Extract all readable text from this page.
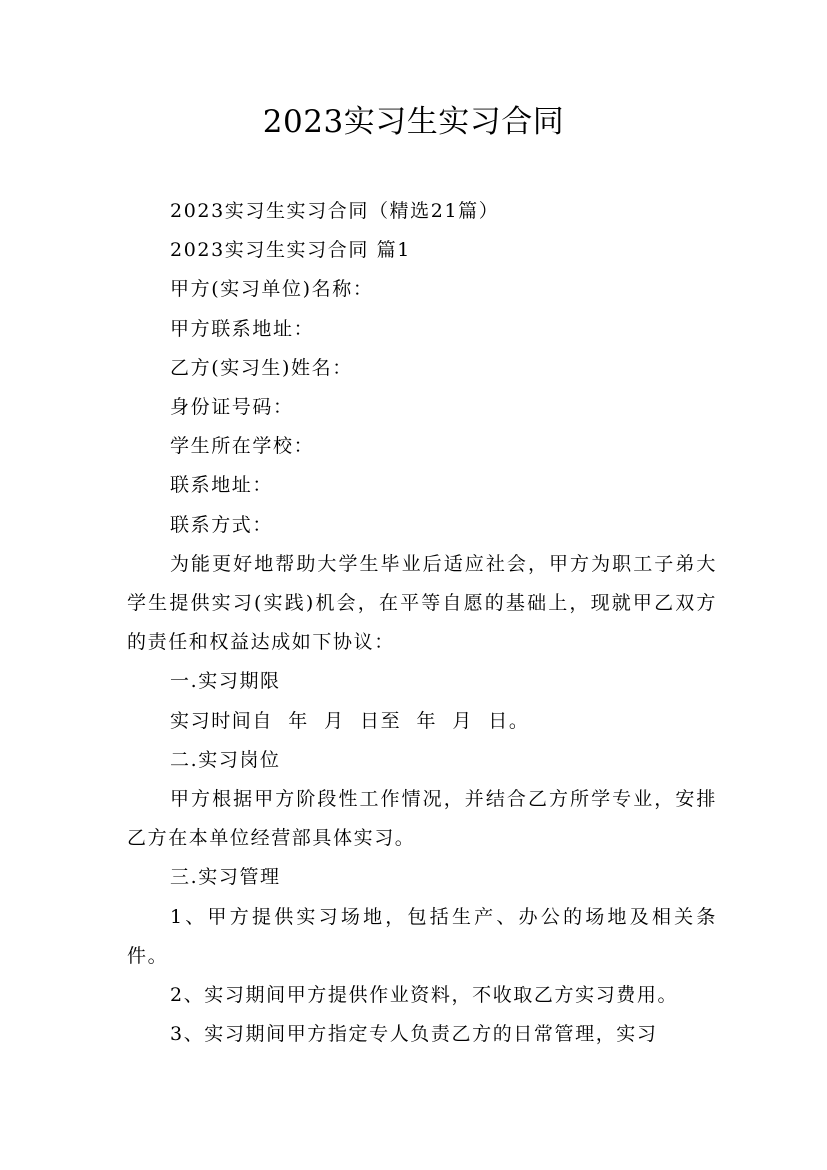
2023实习生实习合同

2023实习生实习合同（精选21篇）

2023实习生实习合同 篇1

甲方(实习单位)名称：

甲方联系地址：

乙方(实习生)姓名：

身份证号码：

学生所在学校：

联系地址：

联系方式：

为能更好地帮助大学生毕业后适应社会，甲方为职工子弟大学生提供实习(实践)机会，在平等自愿的基础上，现就甲乙双方的责任和权益达成如下协议：

一.实习期限

实习时间自  年  月  日至  年  月  日。

二.实习岗位

甲方根据甲方阶段性工作情况，并结合乙方所学专业，安排乙方在本单位经营部具体实习。

三.实习管理

1、甲方提供实习场地，包括生产、办公的场地及相关条件。

2、实习期间甲方提供作业资料，不收取乙方实习费用。

3、实习期间甲方指定专人负责乙方的日常管理，实习
